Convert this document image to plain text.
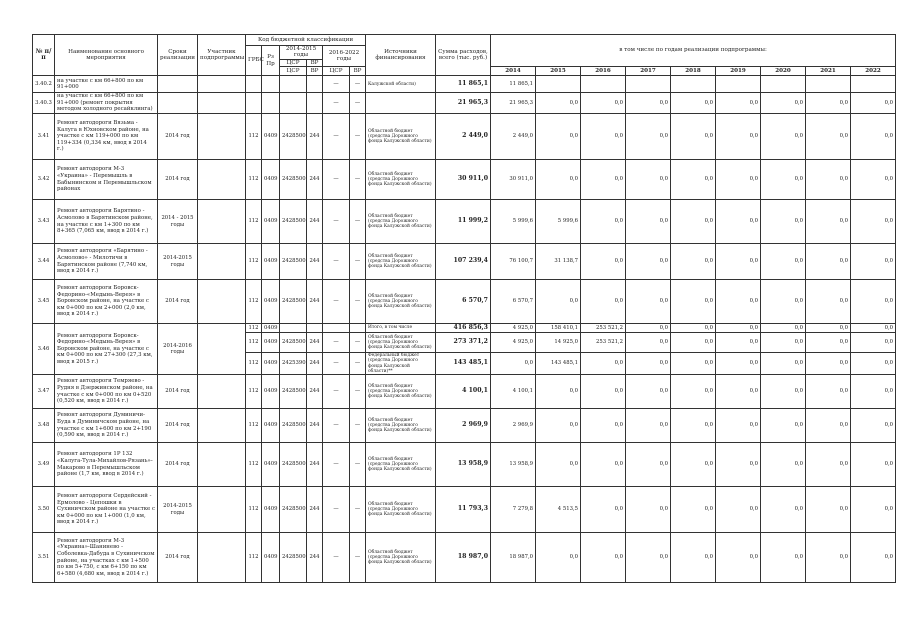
№ п/п	Наименование основного мероприятия	Сроки реализации	Участник подпрограммы	Код бюджетной классификации						Источники финансирования	Сумма расходов, всего (тыс. руб.)	в том числе по годам реализации подпрограммы:								
				ГРБС	Рз Пр	2014-2015 годы		2016-2022 годы												
						ЦСР	ВР													
						ЦСР	ВР	ЦСР	ВР			2014	2015	2016	2017	2018	2019	2020	2021	2022
3.40.2	на участке с км 66+800 по км 91+000							—	—	Калужской области)	11 865,1	11 865,1								
3.40.3	на участке с км 66+800 по км 91+000 (ремонт покрытия методом холодного ресайклинга)							—	—		21 965,3	21 965,3	0,0	0,0	0,0	0,0	0,0	0,0	0,0	0,0
3.41	Ремонт автодороги Вязьма - Калуга в Юхновском районе, на участке с км 119+000 по км 119+334 (0,334 км, ввод в 2014 г.)	2014 год		112	0409	2428500	244	—	—	Областной бюджет (средства Дорожного фонда Калужской области)	2 449,0	2 449,0	0,0	0,0	0,0	0,0	0,0	0,0	0,0	0,0
3.42	Ремонт автодороги М-3 «Украина» - Перемышль в Бабынинском и Перемышльском районах	2014 год		112	0409	2428500	244	—	—	Областной бюджет (средства Дорожного фонда Калужской области)	30 911,0	30 911,0	0,0	0,0	0,0	0,0	0,0	0,0	0,0	0,0
3.43	Ремонт автодороги Барятино - Асмолово в Барятинском районе, на участке с км 1+300 по км 8+365 (7,065 км, ввод в 2014 г.)	2014 - 2015 годы		112	0409	2428500	244	—	—	Областной бюджет (средства Дорожного фонда Калужской области)	11 999,2	5 999,6	5 999,6	0,0	0,0	0,0	0,0	0,0	0,0	0,0
3.44	Ремонт автодороги «Барятино - Асмолово» - Милотичи в Барятинском районе (7,740 км, ввод в 2014 г.)	2014-2015 годы		112	0409	2428500	244	—	—	Областной бюджет (средства Дорожного фонда Калужской области)	107 239,4	76 100,7	31 138,7	0,0	0,0	0,0	0,0	0,0	0,0	0,0
3.45	Ремонт автодороги Боровск-Федорино-«Медынь-Верея» в Боровском районе, на участке с км 0+000 по км 2+000 (2,0 км, ввод в 2014 г.)	2014 год		112	0409	2428500	244	—	—	Областной бюджет (средства Дорожного фонда Калужской области)	6 570,7	6 570,7	0,0	0,0	0,0	0,0	0,0	0,0	0,0	0,0
3.46	Ремонт автодороги Боровск-Федорино-«Медынь-Верея» в Боровском районе, на участке с км 0+000 по км 27+300 (27,3 км, ввод в 2015 г.)	2014-2016 годы		112	0409					Итого, в том числе	416 856,3	4 925,0	158 410,1	253 521,2	0,0	0,0	0,0	0,0	0,0	0,0
				112	0409	2428500	244	—	—	Областной бюджет (средства Дорожного фонда Калужской области)	273 371,2	4 925,0	14 925,0	253 521,2	0,0	0,0	0,0	0,0	0,0	0,0
				112	0409	2425390	244	—	—	Федеральный бюджет (средства Дорожного фонда Калужской области)**	143 485,1	0,0	143 485,1	0,0	0,0	0,0	0,0	0,0	0,0	0,0
3.47	Ремонт автодороги Темряево - Рудня в Дзержинском районе, на участке с км 0+000 по км 0+520 (0,520 км, ввод в 2014 г.)	2014 год		112	0409	2428500	244	—	—	Областной бюджет (средства Дорожного фонда Калужской области)	4 100,1	4 100,1	0,0	0,0	0,0	0,0	0,0	0,0	0,0	0,0
3.48	Ремонт автодороги Думиничи-Буда в Думиничском районе, на участке с км 1+600 по км 2+190 (0,590 км, ввод в 2014 г.)	2014 год		112	0409	2428500	244	—	—	Областной бюджет (средства Дорожного фонда Калужской области)	2 969,9	2 969,9	0,0	0,0	0,0	0,0	0,0	0,0	0,0	0,0
3.49	Ремонт автодороги 1Р 132 «Калуга-Тула-Михайлов-Рязань»-Макарово в Перемышльском районе (1,7 км, ввод в 2014 г.)	2014 год		112	0409	2428500	244	—	—	Областной бюджет (средства Дорожного фонда Калужской области)	13 958,9	13 958,9	0,0	0,0	0,0	0,0	0,0	0,0	0,0	0,0
3.50	Ремонт автодороги Сердейский - Ермолово - Цепошки в Сухиничском районе на участке с км 0+000 по км 1+000 (1,0 км, ввод в 2014 г.)	2014-2015 годы		112	0409	2428500	244	—	—	Областной бюджет (средства Дорожного фонда Калужской области)	11 793,3	7 279,8	4 513,5	0,0	0,0	0,0	0,0	0,0	0,0	0,0
3.51	Ремонт автодороги М-3 «Украина»-Шанинево - Соболевка-Дабуда в Сухиничском районе, на участках с км 1+500 по км 5+750, с км 6+150 по км 6+580 (4,680 км, ввод в 2014 г.)	2014 год		112	0409	2428500	244	—	—	Областной бюджет (средства Дорожного фонда Калужской области)	18 987,0	18 987,0	0,0	0,0	0,0	0,0	0,0	0,0	0,0	0,0
